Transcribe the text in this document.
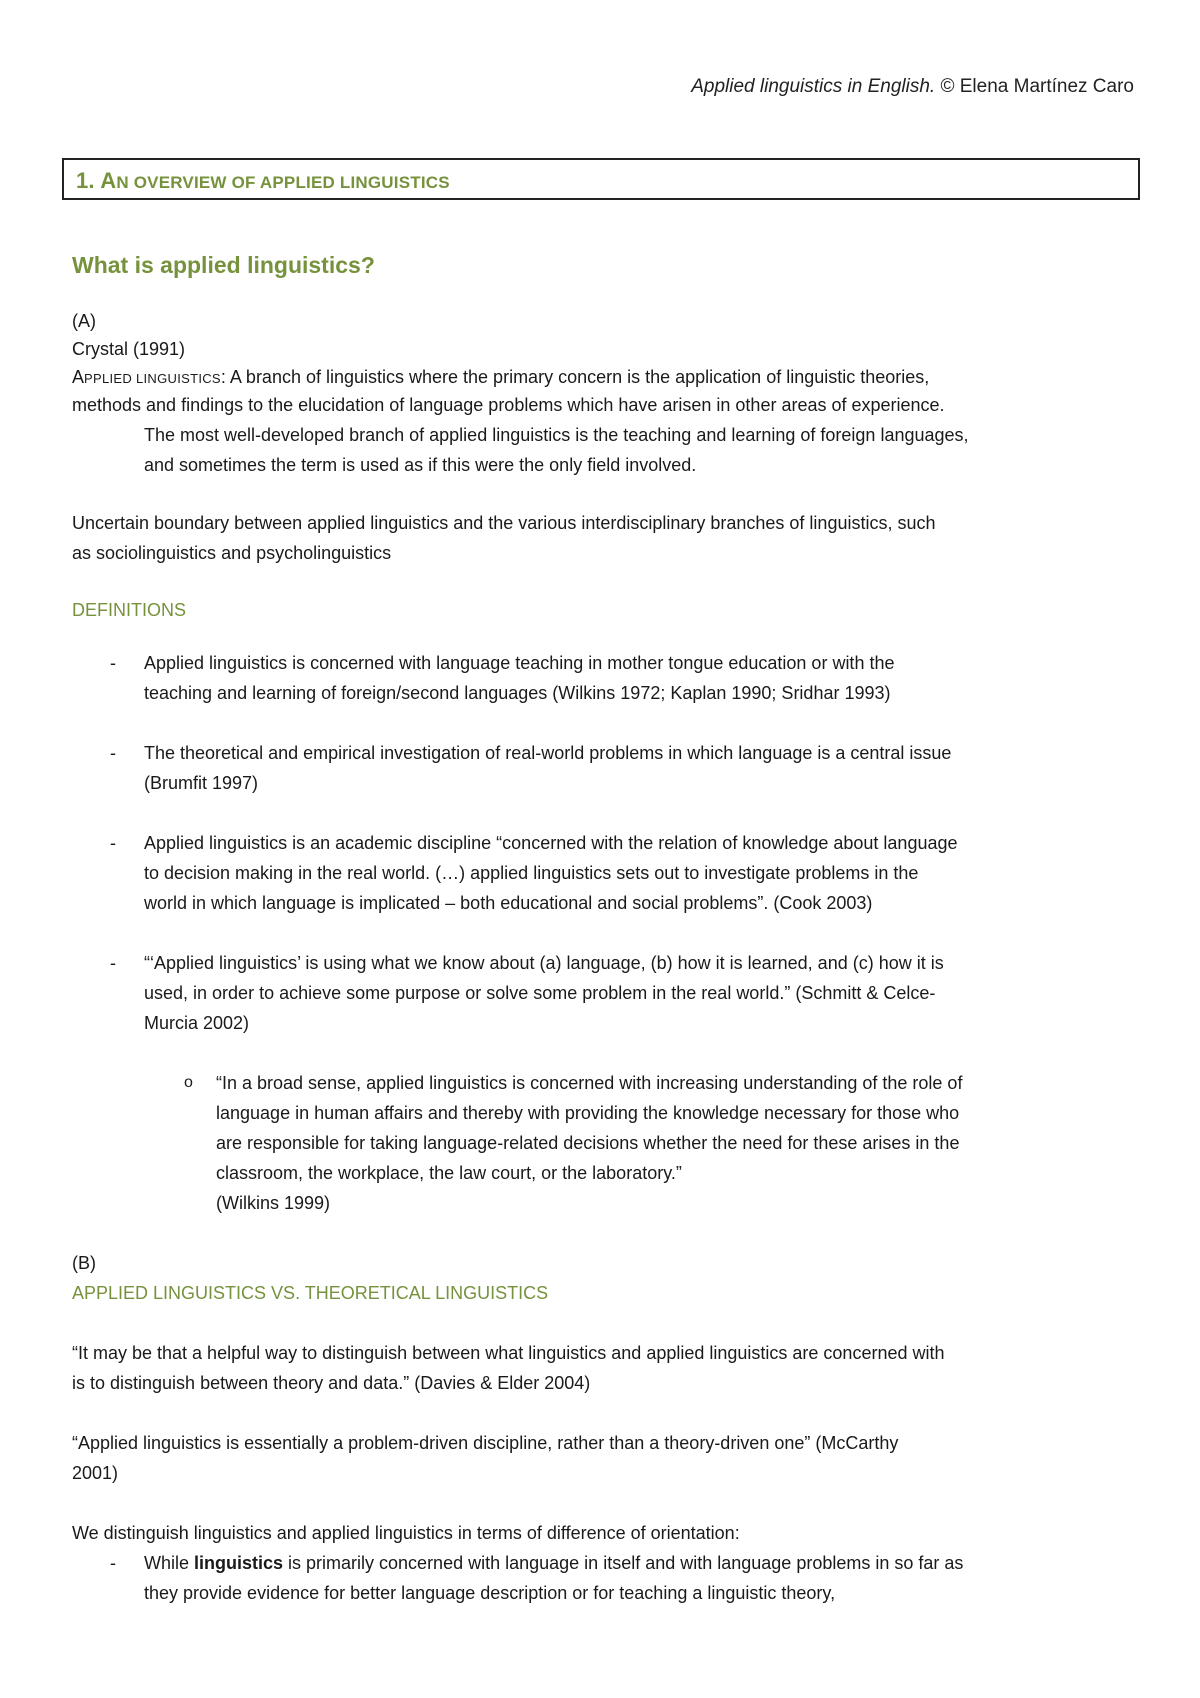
Applied linguistics in English. © Elena Martínez Caro
1. AN OVERVIEW OF APPLIED LINGUISTICS
What is applied linguistics?
(A)
Crystal (1991)
APPLIED LINGUISTICS: A branch of linguistics where the primary concern is the application of linguistic theories,
methods and findings to the elucidation of language problems which have arisen in other areas of experience.
The most well-developed branch of applied linguistics is the teaching and learning of foreign languages,
and sometimes the term is used as if this were the only field involved.
Uncertain boundary between applied linguistics and the various interdisciplinary branches of linguistics, such
as sociolinguistics and psycholinguistics
DEFINITIONS
- Applied linguistics is concerned with language teaching in mother tongue education or with the
teaching and learning of foreign/second languages (Wilkins 1972; Kaplan 1990; Sridhar 1993)
- The theoretical and empirical investigation of real-world problems in which language is a central issue
(Brumfit 1997)
- Applied linguistics is an academic discipline “concerned with the relation of knowledge about language
to decision making in the real world. (…) applied linguistics sets out to investigate problems in the
world in which language is implicated – both educational and social problems”. (Cook 2003)
- “‘Applied linguistics’ is using what we know about (a) language, (b) how it is learned, and (c) how it is
used, in order to achieve some purpose or solve some problem in the real world.” (Schmitt & Celce-
Murcia 2002)
o “In a broad sense, applied linguistics is concerned with increasing understanding of the role of
language in human affairs and thereby with providing the knowledge necessary for those who
are responsible for taking language-related decisions whether the need for these arises in the
classroom, the workplace, the law court, or the laboratory.”
(Wilkins 1999)
(B)
APPLIED LINGUISTICS VS. THEORETICAL LINGUISTICS
“It may be that a helpful way to distinguish between what linguistics and applied linguistics are concerned with
is to distinguish between theory and data.” (Davies & Elder 2004)
“Applied linguistics is essentially a problem-driven discipline, rather than a theory-driven one” (McCarthy
2001)
We distinguish linguistics and applied linguistics in terms of difference of orientation:
- While linguistics is primarily concerned with language in itself and with language problems in so far as
they provide evidence for better language description or for teaching a linguistic theory,
